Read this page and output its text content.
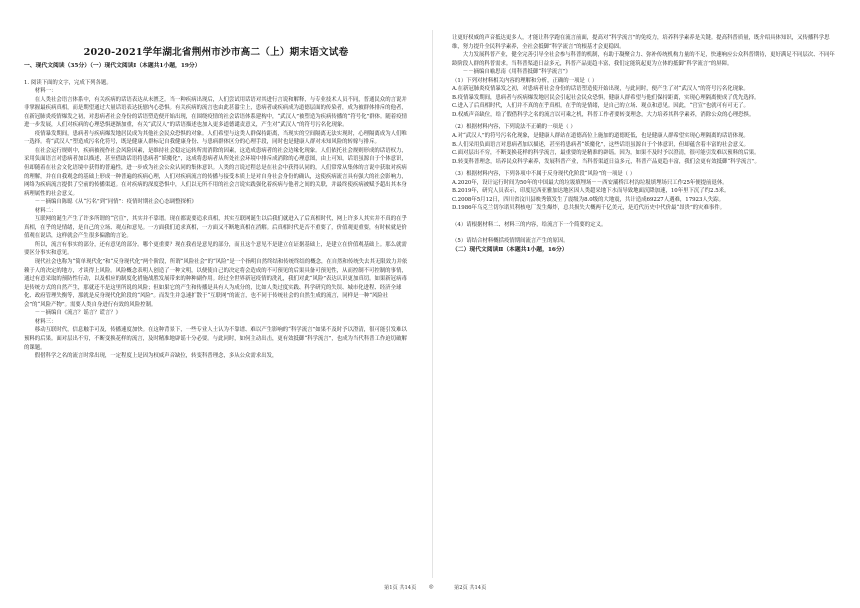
2020-2021学年湖北省荆州市沙市高二（上）期末语文试卷

一、现代文阅读（35分）（一）现代文阅读Ⅰ（本题共1小题，19分）

1. 阅读下面的文字，完成下列各题。

材料一：

在人类社会语言体系中，有关疾病的话语表达从未匮乏。当一种疾病出现后，人们尝试用话语对其进行言说和解释，与专业技术人员不同，普通民众的言说并非掌握最疾病真相，而是期望通过大量话语表达抚慰内心恐惧。有关疾病的流言也由此甚嚣尘上，患病者或疾病成为道德层面的传染者，成为被群体排斥的他者，在新冠肺炎疫情爆发之初，对患病者社会身份的话语塑造便开始出现，在围绕疫情的社会话语体系建构中，“武汉人”被塑造为疾病传播的“符号化”群体。随着疫情进一步发展，人们对疾病的心理恐惧逐渐加重，有关“武汉人”的话语描述也加入更多道德谴责意义，产生对“武汉人”的符号污名化现象。

疫情暴发期间，患病者与疾病爆发地居民成为其他社会民众恐惧的对象。人们希望与这类人群保持距离，当现实的空间隔离无法实现时，心理隔离成为人们唯一选择。将“武汉人”塑造成污名化符号，既是健康人群标记自我健康身份、与患病群体区分的心理手段，同时也是健康人群对未知风险的转嫁与排斥。

在社会运行规则中，疾病被视作社会风险因素，是维持社会稳定运转所需消除的因素，这造成患病者的社会边缘化现象。人们依托社会规则形成的话语权力，采用负面语言对患病者加以描述，甚至借助话语将患病者“妖魔化”，这成将患病者从所处社会环境中排斥成消除的心理意图，由上可知，话语虽源自于个体意识，但却随着在社会文化语境中获得的普遍性，进一步成为社会公众认同的集体意识。人类的言说过程总是在社会中获得认同的，人们常常从集体的言说中获取对疾病的理解，并在自我观念的基础上形成一种普遍的疾病心理，人们对疾病流言的传播与接受本质上是对自身社会身份的确认，这使疾病流言具有强大的社会影响力，网络为疾病流言提供了空前的传播渠道。在对疾病的深度恐惧中，人们以无所不用的社会言说实践强化着疾病与他者之间的关联，并最终使疾病被赋予超出其本身病理属性的社会意义。

－－摘编自陈聪《从“污名”到“同情”：疫情时期社会心态调整探析》

材料二：

互联网的诞生产生了许多所谓的“官宣”，其实并不靠谱。现在都说要追求真相，其实互联网诞生以后我们就进入了后真相时代，网上许多人其实并不真的在乎真相，在乎的是情绪，是自己的立场、观点和意见。一方面我们追求真相，一方面又不断地真相在消解。后真相时代是否不重要了，价值观更重要，有时候就是价值观在说话，这样就会产生很多偏激的言论。

所以，流言有事实的部分，还有意见的部分。哪个更重要？现在我看是意见的部分，而且这个意见不是建立在证据基础上，是建立在价值观基础上。那么就需要区分事实和意见。

现代社会也称为“简单现代化”和“反身现代化”两个阶段，所谓“风险社会”的“风险”是一个指明自然终结和传统终结的概念，在自然和传统失去其无限效力并依赖于人的决定的地方，才谈得上风险。风险概念表明人创造了一种文明，以便使自己的决定将会造成的不可预见的后果具备可预见性，从而控制不可控制的事情，通过有意采取的预防性行动，以及相应的制度化措施战胜发展带来的种种副作用。经过全世界新冠疫情的洗礼，我们对此“风险”表达认识更加真切。如果新冠病毒是传统方式的自然产生，那就还不是这里所说的风险；但如果它的产生和传播是具有人为成分的，比如人类过度实践、科学研究的失误、城市化进程、经济全球化、政府管理失衡等，那就是反身现代化阶段的“风险”。而发生并急速扩散于“互联网”的流言，也不同于传统社会的自然生成的流言，同样是一种“风险社会”的“风险产物”。需要人类自身进行有效的风险控制。

－－摘编自《流言？谣言？谎言？》

材料三：

移动互联时代，信息触手可及，传播速度加快。在这种背景下，一些专业人士认为不靠谱、难以产生影响的“科学流言”如果不及时予以澄清，很可能引发难以预料的后果。面对层出不穷，不断变换花样的流言，及时精准地辟谣十分必要。与此同时，如何主动出击，更有效抵御“科学流言”，也成为当代科普工作迫切破解的课题。

假借科学之名的流言时常出现，一定程度上是因为权威声音缺位，转变科普理念，多从公众需求出发，

让更好权威的声音抵达更多人，才能让科学跑在流言前面，提高对“科学流言”的免疫力，培养科学素养是关键。提高科普质量，既介绍具体知识，又传播科学思维，努力提升全民科学素养，全社会抵御“科学流言”的根基才会更稳固。

大力发展科普产业，健全完善引导全社会参与科普的机制，有助于凝聚合力、弥补传统机构力量的不足，快速响应公众科普期待，更好满足不同层次、不同年龄阶段人群的科普需求。当科普渠道日益多元，科普产品更趋丰富，我们定能筑起更为立体的抵御“科学流言”的屏障。

－－摘编自喻思南《用科普抵御“科学流言”》

（1）下列对材料相关内容的理解和分析，正确的一项是（ ）

A.在新冠肺炎疫情暴发之初，对患病者社会身份的话语塑造使开始出现，与此同时，便产生了对“武汉人”的符号污名化现象。

B.疫情暴发期间，患病者与疾病爆发地居民会引起社会民众恐惧，健康人群希望与他们保持距离，实现心理隔离便成了优先选择。

C.进入了后真相时代，人们并不真的在乎真相，在乎的是情绪，是自己的立场、观点和意见。因此，“官宣”也就可有可无了。

D.权威声音缺位，给了假借科学之名的流言以可乘之机，科普工作者要转变理念，大力培养其科学素养，消除公众的心理恐惧。

（2）根据材料内容，下列说法不正确的一项是（ ）

A.对“武汉人”的符号污名化现象，是健康人群站在道德高位上施加的道德贬低，也是健康人群希望实现心理隔离的话语体现。

B.人们采用负面语言对患病者加以描述，甚至将患病者“妖魔化”，这些话语虽源自于个体意识，但却蕴含着丰富的社会意义。

C.面对层出不穷，不断变换花样的科学流言，最重要的是精准的辟谣。因为，如果不及时予以澄清，很可能引发难以预料的后果。

D.转变科普理念，培养民众科学素养，发展科普产业，当科普渠道日益多元，科普产品更趋丰富，我们会更有效抵御“科学流言”。

（3）根据材料内容，下列各项中不属于反身现代化阶段“风险”的一项是（ ）

A.2020年，设计运行时间为50年的中国最大的垃圾填埋场－－西安灞桥江村沟垃圾填埋场只工作25年便提前退休。

B.2019年，研究人员表示，印度尼西亚雅加达地区因人类超采地下水而导致地面沉降加速，10年里下沉了约2.5米。

C.2008年5月12日，四川省汶川县映秀镇发生了震级为8.0级的大地震，共计造成69227人遇难，17923人失踪。

D.1986年乌克兰切尔诺贝利核电厂发生爆炸，总共损失大概两千亿美元，是近代历史中代价最“昂贵”的灾难事件。

（4）请根据材料二、材料三的内容，给流言下一个简要的定义。

（5）请结合材料概括疫情期间流言产生的原因。

（二）现代文阅读Ⅱ（本题共1小题，16分）

第1页 共14页 ◎	第2页 共14页
